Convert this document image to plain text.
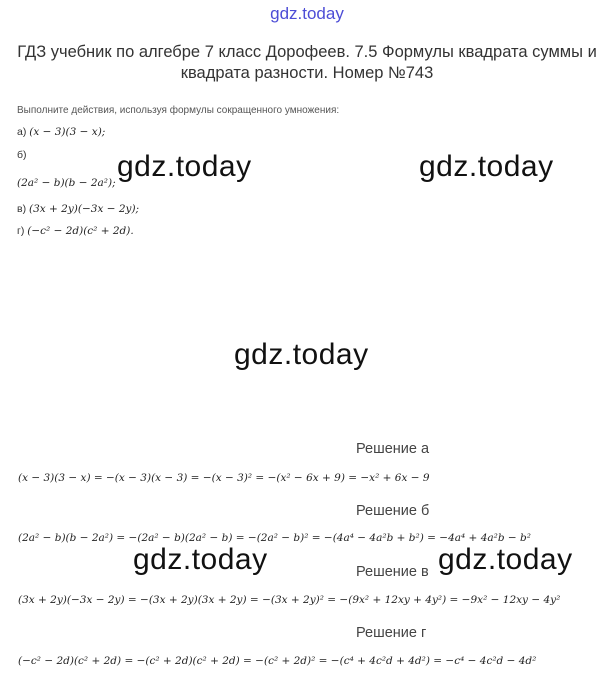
gdz.today
ГДЗ учебник по алгебре 7 класс Дорофеев. 7.5 Формулы квадрата суммы и квадрата разности. Номер №743
Выполните действия, используя формулы сокращенного умножения:
а) (x − 3)(3 − x);
б)
(2a² − b)(b − 2a²);
в) (3x + 2y)(−3x − 2y);
г) (−c² − 2d)(c² + 2d).
gdz.today	gdz.today
gdz.today
Решение а
(x − 3)(3 − x) = −(x − 3)(x − 3) = −(x − 3)² = −(x² − 6x + 9) = −x² + 6x − 9
Решение б
(2a² − b)(b − 2a²) = −(2a² − b)(2a² − b) = −(2a² − b)² = −(4a⁴ − 4a²b + b²) = −4a⁴ + 4a²b − b²
Решение в
(3x + 2y)(−3x − 2y) = −(3x + 2y)(3x + 2y) = −(3x + 2y)² = −(9x² + 12xy + 4y²) = −9x² − 12xy − 4y²
Решение г
(−c² − 2d)(c² + 2d) = −(c² + 2d)(c² + 2d) = −(c² + 2d)² = −(c⁴ + 4c²d + 4d²) = −c⁴ − 4c²d − 4d²
gdz.today	gdz.today
